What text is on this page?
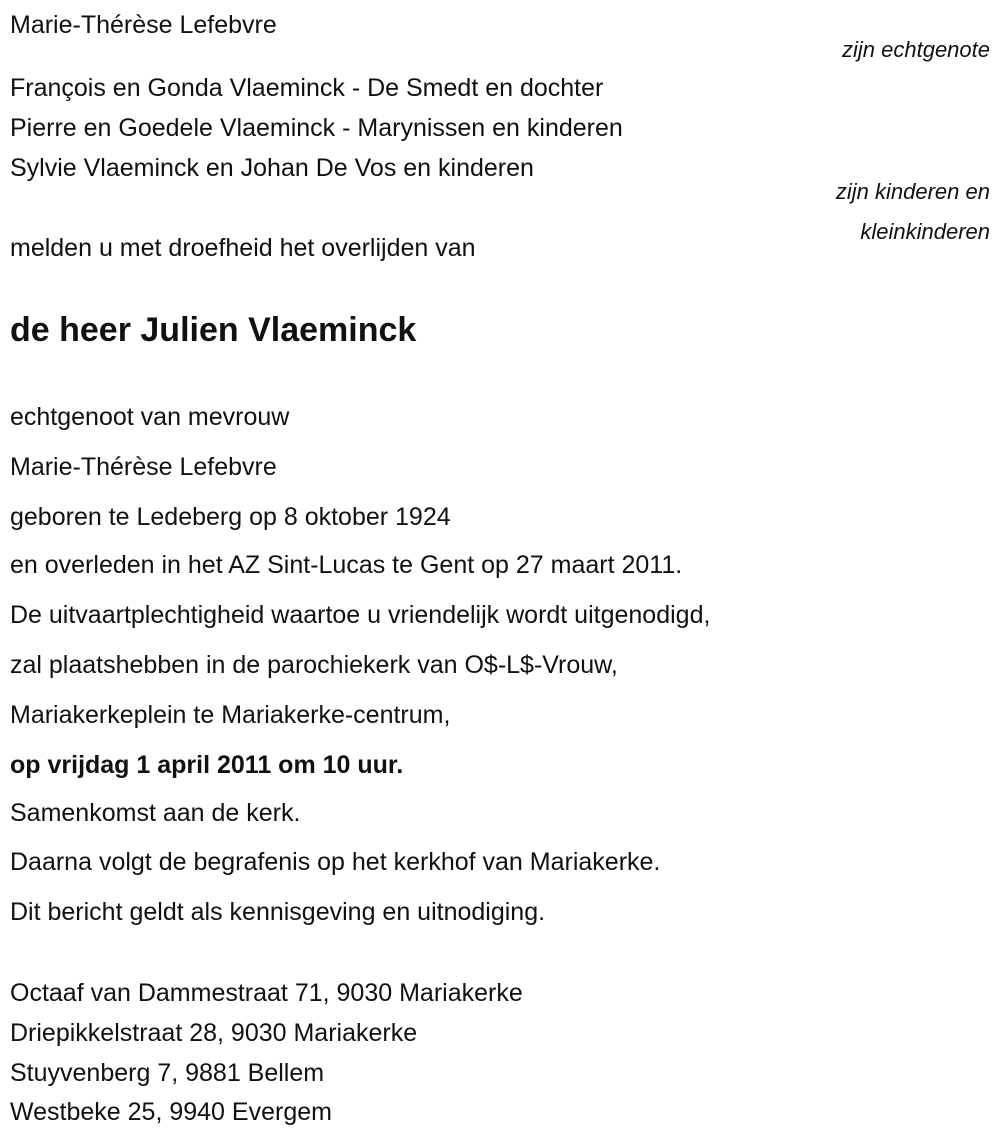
Marie-Thérèse Lefebvre
zijn echtgenote
François en Gonda Vlaeminck - De Smedt en dochter
Pierre en Goedele Vlaeminck - Marynissen en kinderen
Sylvie Vlaeminck en Johan De Vos en kinderen
zijn kinderen en
kleinkinderen
melden u met droefheid het overlijden van
de heer Julien Vlaeminck
echtgenoot van mevrouw
Marie-Thérèse Lefebvre
geboren te Ledeberg op 8 oktober 1924
en overleden in het AZ Sint-Lucas te Gent op 27 maart 2011.
De uitvaartplechtigheid waartoe u vriendelijk wordt uitgenodigd,
zal plaatshebben in de parochiekerk van O$-L$-Vrouw,
Mariakerkeplein te Mariakerke-centrum,
op vrijdag 1 april 2011 om 10 uur.
Samenkomst aan de kerk.
Daarna volgt de begrafenis op het kerkhof van Mariakerke.
Dit bericht geldt als kennisgeving en uitnodiging.
Octaaf van Dammestraat 71, 9030 Mariakerke
Driepikkelstraat 28, 9030 Mariakerke
Stuyvenberg 7, 9881 Bellem
Westbeke 25, 9940 Evergem
